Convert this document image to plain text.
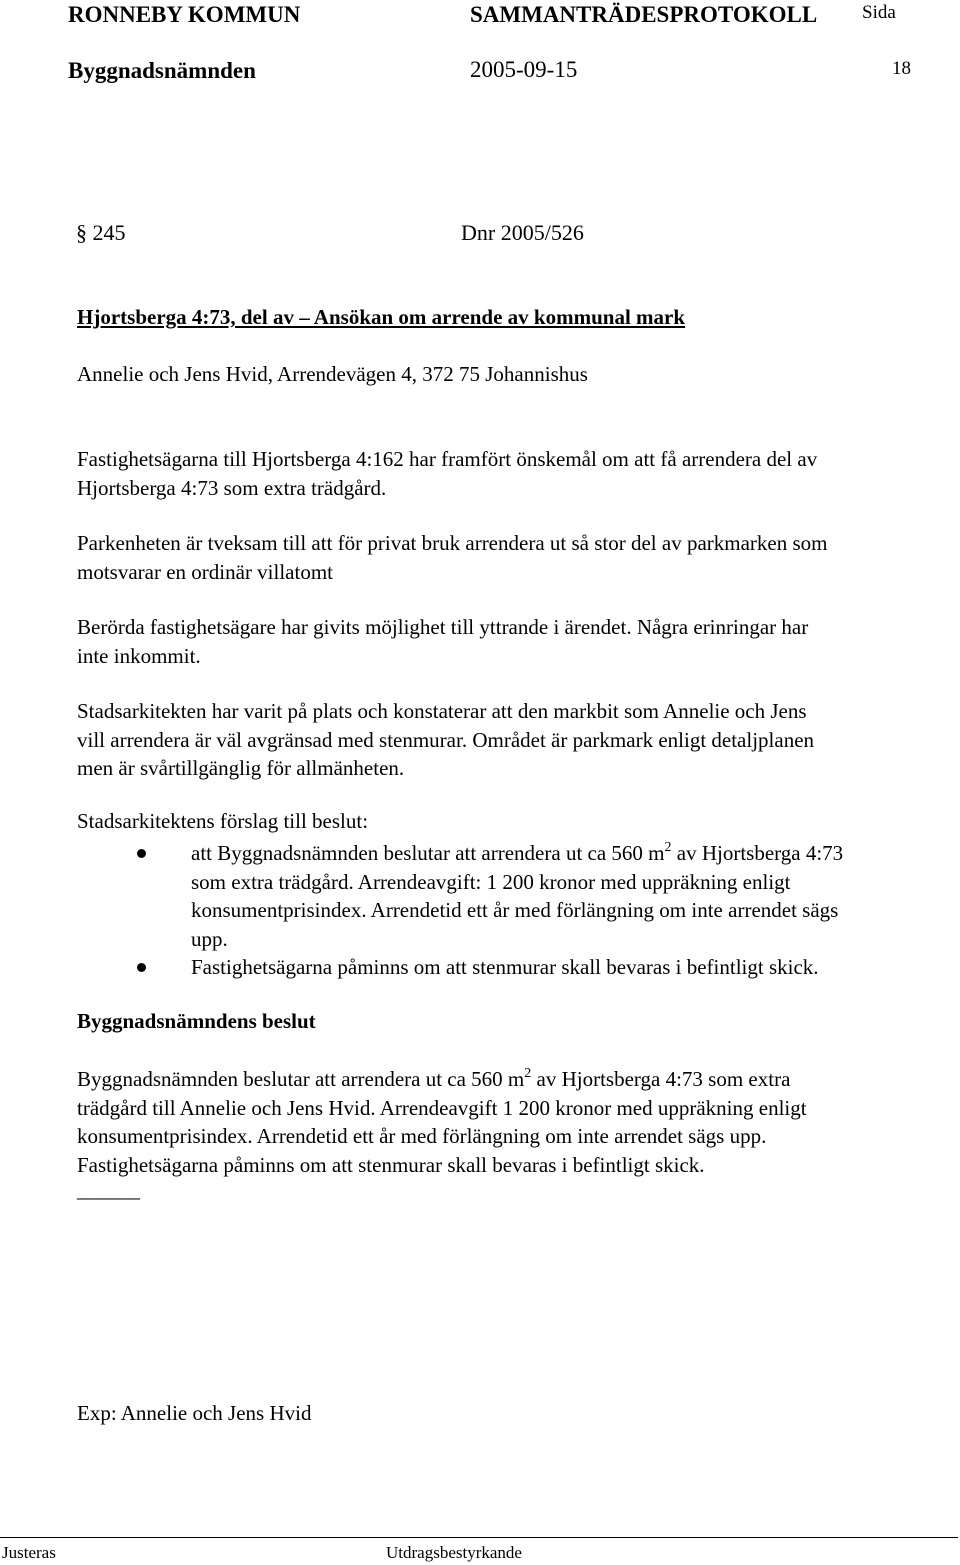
RONNEBY KOMMUN	SAMMANTRÄDESPROTOKOLL Sida
Byggnadsnämnden	2005-09-15	18
§ 245	Dnr 2005/526
Hjortsberga 4:73, del av – Ansökan om arrende av kommunal mark
Annelie och Jens Hvid, Arrendevägen 4, 372 75 Johannishus
Fastighetsägarna till Hjortsberga 4:162 har framfört önskemål om att få arrendera del av
Hjortsberga 4:73 som extra trädgård.
Parkenheten är tveksam till att för privat bruk arrendera ut så stor del av parkmarken som
motsvarar en ordinär villatomt
Berörda fastighetsägare har givits möjlighet till yttrande i ärendet. Några erinringar har
inte inkommit.
Stadsarkitekten har varit på plats och konstaterar att den markbit som Annelie och Jens
vill arrendera är väl avgränsad med stenmurar. Området är parkmark enligt detaljplanen
men är svårtillgänglig för allmänheten.
Stadsarkitektens förslag till beslut:
att Byggnadsnämnden beslutar att arrendera ut ca 560 $m^2$ av Hjortsberga 4:73
som extra trädgård. Arrendeavgift: 1 200 kronor med uppräkning enligt
konsumentprisindex. Arrendetid ett år med förlängning om inte arrendet sägs
upp.
Fastighetsägarna påminns om att stenmurar skall bevaras i befintligt skick.
Byggnadsnämndens beslut
Byggnadsnämnden beslutar att arrendera ut ca 560 $m^2$ av Hjortsberga 4:73 som extra
trädgård till Annelie och Jens Hvid. Arrendeavgift 1 200 kronor med uppräkning enligt
konsumentprisindex. Arrendetid ett år med förlängning om inte arrendet sägs upp.
Fastighetsägarna påminns om att stenmurar skall bevaras i befintligt skick.
______
Exp: Annelie och Jens Hvid
Justeras	Utdragsbestyrkande
